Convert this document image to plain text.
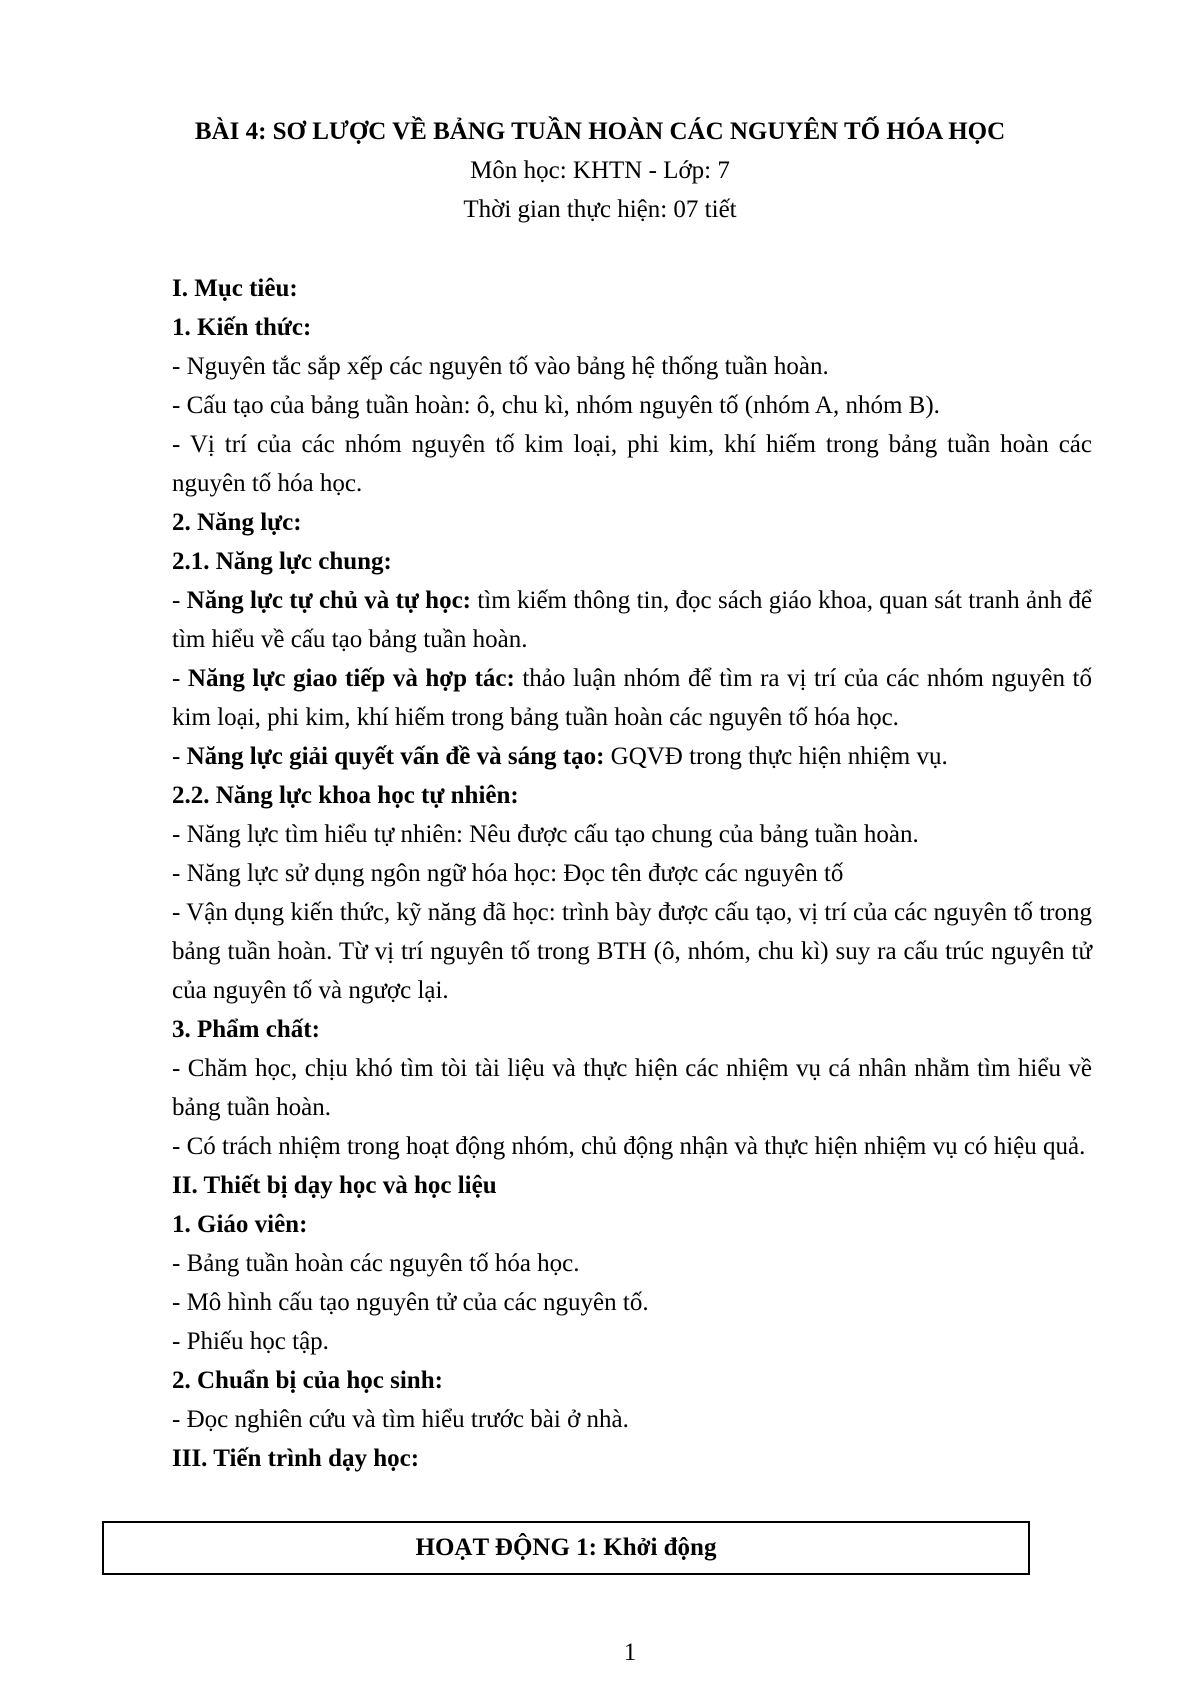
BÀI 4: SƠ LƯỢC VỀ BẢNG TUẦN HOÀN CÁC NGUYÊN TỐ HÓA HỌC
Môn học: KHTN - Lớp: 7
Thời gian thực hiện: 07 tiết

I. Mục tiêu:

1. Kiến thức:

- Nguyên tắc sắp xếp các nguyên tố vào bảng hệ thống tuần hoàn.

- Cấu tạo của bảng tuần hoàn: ô, chu kì, nhóm nguyên tố (nhóm A, nhóm B).

- Vị trí của các nhóm nguyên tố kim loại, phi kim, khí hiếm trong bảng tuần hoàn các nguyên tố hóa học.

2. Năng lực:

2.1. Năng lực chung:

- Năng lực tự chủ và tự học: tìm kiếm thông tin, đọc sách giáo khoa, quan sát tranh ảnh để tìm hiểu về cấu tạo bảng tuần hoàn.

- Năng lực giao tiếp và hợp tác: thảo luận nhóm để tìm ra vị trí của các nhóm nguyên tố kim loại, phi kim, khí hiếm trong bảng tuần hoàn các nguyên tố hóa học.

- Năng lực giải quyết vấn đề và sáng tạo: GQVĐ trong thực hiện nhiệm vụ.

2.2. Năng lực khoa học tự nhiên:

- Năng lực tìm hiểu tự nhiên: Nêu được cấu tạo chung của bảng tuần hoàn.

- Năng lực sử dụng ngôn ngữ hóa học: Đọc tên được các nguyên tố

- Vận dụng kiến thức, kỹ năng đã học: trình bày được cấu tạo, vị trí của các nguyên tố trong bảng tuần hoàn. Từ vị trí nguyên tố trong BTH (ô, nhóm, chu kì) suy ra cấu trúc nguyên tử của nguyên tố và ngược lại.

3. Phẩm chất:

- Chăm học, chịu khó tìm tòi tài liệu và thực hiện các nhiệm vụ cá nhân nhằm tìm hiểu về bảng tuần hoàn.

- Có trách nhiệm trong hoạt động nhóm, chủ động nhận và thực hiện nhiệm vụ có hiệu quả.

II. Thiết bị dạy học và học liệu

1. Giáo viên:

- Bảng tuần hoàn các nguyên tố hóa học.

- Mô hình cấu tạo nguyên tử của các nguyên tố.

- Phiếu học tập.

2. Chuẩn bị của học sinh:

- Đọc nghiên cứu và tìm hiểu trước bài ở nhà.

III. Tiến trình dạy học:

HOẠT ĐỘNG 1: Khởi động
1
